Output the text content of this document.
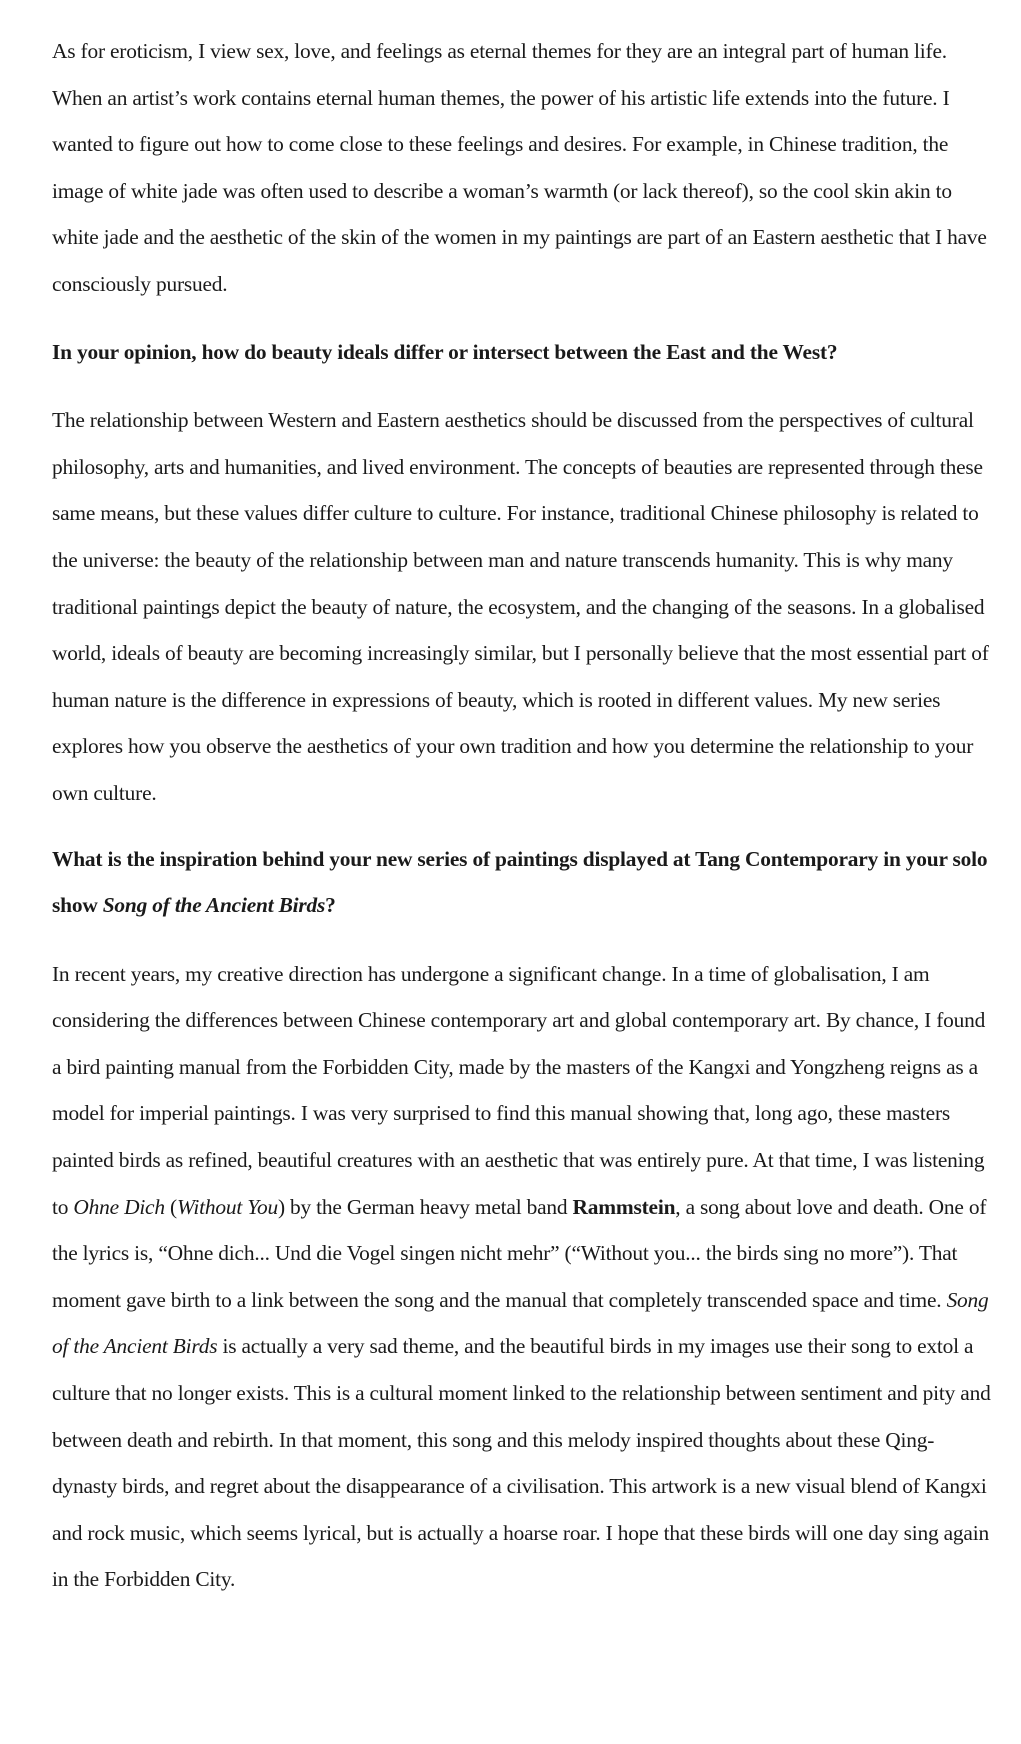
As for eroticism, I view sex, love, and feelings as eternal themes for they are an integral part of human life. When an artist’s work contains eternal human themes, the power of his artistic life extends into the future. I wanted to figure out how to come close to these feelings and desires. For example, in Chinese tradition, the image of white jade was often used to describe a woman’s warmth (or lack thereof), so the cool skin akin to white jade and the aesthetic of the skin of the women in my paintings are part of an Eastern aesthetic that I have consciously pursued.

In your opinion, how do beauty ideals differ or intersect between the East and the West?

The relationship between Western and Eastern aesthetics should be discussed from the perspectives of cultural philosophy, arts and humanities, and lived environment. The concepts of beauties are represented through these same means, but these values differ culture to culture. For instance, traditional Chinese philosophy is related to the universe: the beauty of the relationship between man and nature transcends humanity. This is why many traditional paintings depict the beauty of nature, the ecosystem, and the changing of the seasons. In a globalised world, ideals of beauty are becoming increasingly similar, but I personally believe that the most essential part of human nature is the difference in expressions of beauty, which is rooted in different values. My new series explores how you observe the aesthetics of your own tradition and how you determine the relationship to your own culture.

What is the inspiration behind your new series of paintings displayed at Tang Contemporary in your solo show Song of the Ancient Birds?

In recent years, my creative direction has undergone a significant change. In a time of globalisation, I am considering the differences between Chinese contemporary art and global contemporary art. By chance, I found a bird painting manual from the Forbidden City, made by the masters of the Kangxi and Yongzheng reigns as a model for imperial paintings. I was very surprised to find this manual showing that, long ago, these masters painted birds as refined, beautiful creatures with an aesthetic that was entirely pure. At that time, I was listening to Ohne Dich (Without You) by the German heavy metal band Rammstein, a song about love and death. One of the lyrics is, “Ohne dich... Und die Vogel singen nicht mehr” (“Without you... the birds sing no more”). That moment gave birth to a link between the song and the manual that completely transcended space and time. Song of the Ancient Birds is actually a very sad theme, and the beautiful birds in my images use their song to extol a culture that no longer exists. This is a cultural moment linked to the relationship between sentiment and pity and between death and rebirth. In that moment, this song and this melody inspired thoughts about these Qing-dynasty birds, and regret about the disappearance of a civilisation. This artwork is a new visual blend of Kangxi and rock music, which seems lyrical, but is actually a hoarse roar. I hope that these birds will one day sing again in the Forbidden City.
